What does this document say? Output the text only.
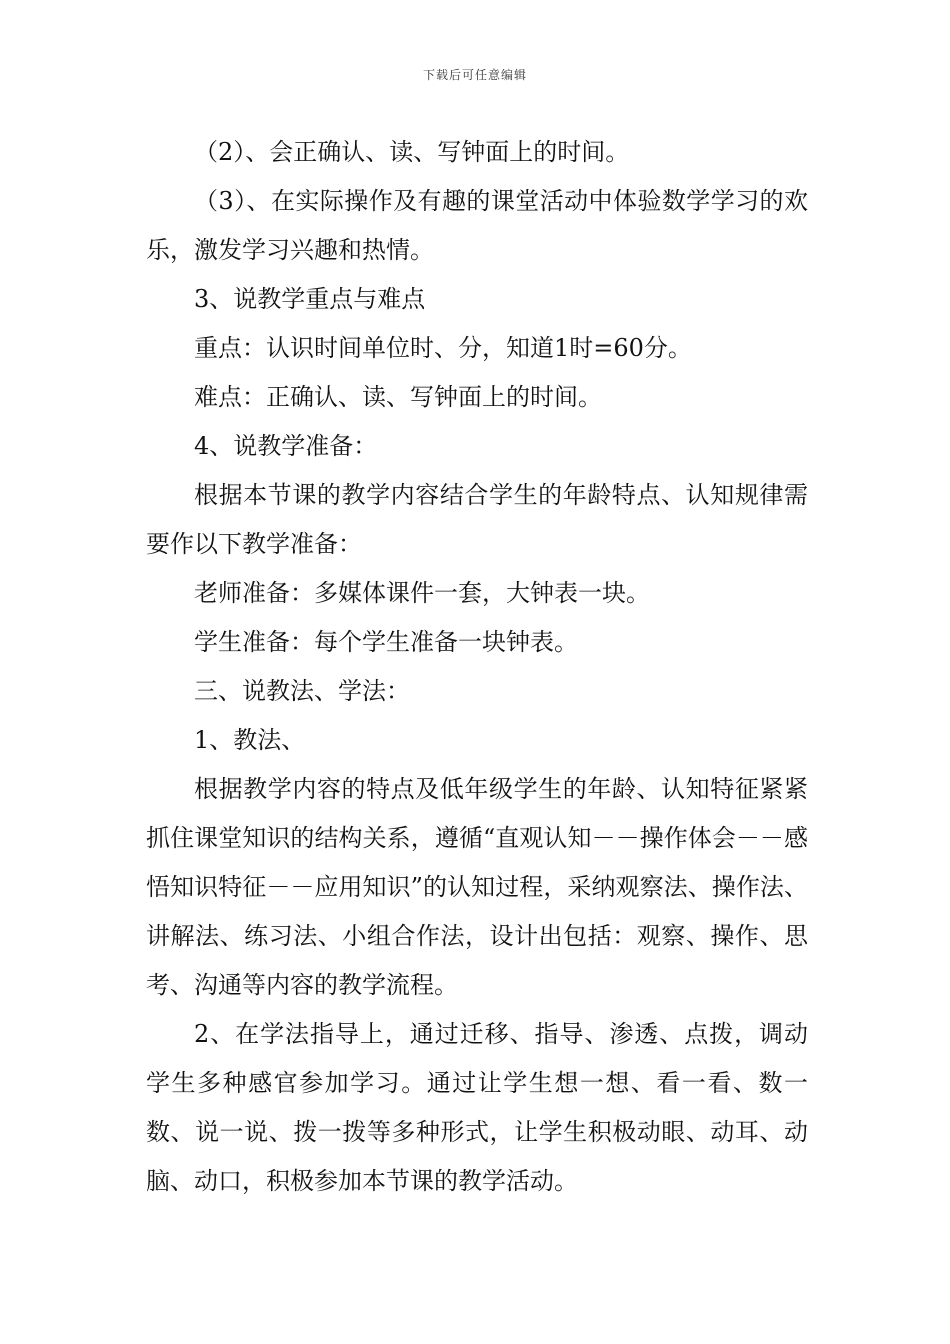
下载后可任意编辑

（2）、会正确认、读、写钟面上的时间。

（3）、在实际操作及有趣的课堂活动中体验数学学习的欢乐，激发学习兴趣和热情。

3、说教学重点与难点

重点：认识时间单位时、分，知道1时=60分。

难点：正确认、读、写钟面上的时间。

4、说教学准备：

根据本节课的教学内容结合学生的年龄特点、认知规律需要作以下教学准备：

老师准备：多媒体课件一套，大钟表一块。

学生准备：每个学生准备一块钟表。

三、说教法、学法：

1、教法、

根据教学内容的特点及低年级学生的年龄、认知特征紧紧抓住课堂知识的结构关系，遵循“直观认知－－操作体会－－感悟知识特征－－应用知识”的认知过程，采纳观察法、操作法、讲解法、练习法、小组合作法，设计出包括：观察、操作、思考、沟通等内容的教学流程。

2、在学法指导上，通过迁移、指导、渗透、点拨，调动学生多种感官参加学习。通过让学生想一想、看一看、数一数、说一说、拨一拨等多种形式，让学生积极动眼、动耳、动脑、动口，积极参加本节课的教学活动。
